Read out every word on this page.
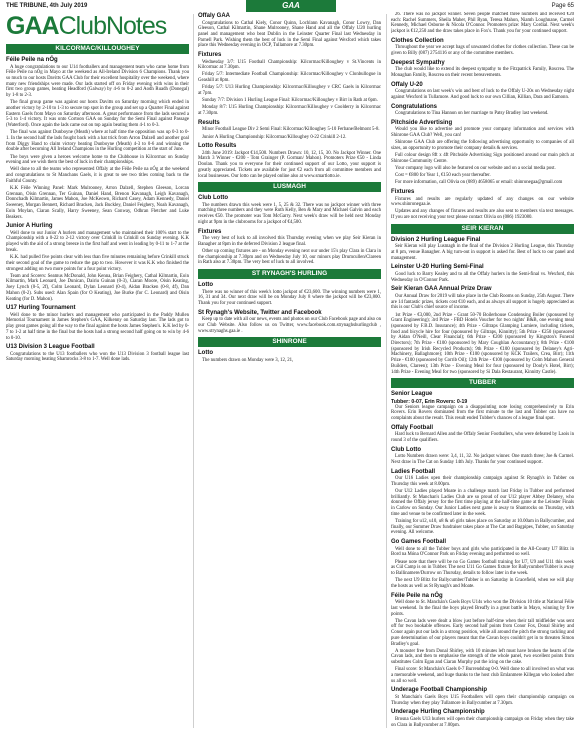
THE TRIBUNE, 4th July 2019	GAA	Page 65
GAAClubNotes
KILCORMAC/KILLOUGHEY
Féile Peile na nÓg

A huge congratulations to our U14 footballers and management team who came home from Féile Peile na nÓg in Mayo at the weekend as All-Ireland Division 6 Champions. Thank you so much to our hosts Davitts GAA Club for their excellent hospitality over the weekend, where many new friendships were made. Our lads started off on Friday evening with wins in their first two group games, beating Headford (Galway) by 4-6 to 0-2 and Aodh Ruadh (Donegal) by 1-8 to 2-3.

The final group game was against our hosts Davitts on Saturday morning which ended in another victory by 2-10 to 1-3 to secure top spot in the group and set up a Quarter Final against Eastern Gaels from Mayo on Saturday afternoon. A great performance from the lads secured a 5-3 to 1-4 victory. It was onto Cortoon GAA on Sunday for the Semi Final against Passage (Waterford). Once again the lads came out on top again beating them 4-1 to 0-3.

The final was against Dunboyne (Meath) where at half time the opposition was up 0-3 to 0-1. In the second half the lads fought back with a hat trick from Arron Dalzell and another goal from Diggy Hand to claim victory beating Dunboyne (Meath) 4-3 to 0-6 and winning the double after becoming All Ireland Champions in the Hurling competition at the start of June.

The boys were given a heroes welcome home to the Clubhouse in Kilcormac on Sunday evening and we wish them the best of luck in their championships.

Well done to all the teams who represented Offaly at the Féile Peile na nÓg at the weekend and congratulations to St Manchans Gaels, it is great to see two titles coming back to the Faithful County.

K.K Féile Winning Panel: Mark Mulrooney, Arron Dalzell, Stephen Gleeson, Lorcan Grennan, Oisin Grennan, Ter Guinan, Daniel Hand, Brenon Kavanagh, Leigh Kavanagh, Donnchadh Kilmartin, James Mahon, Joe McKeown, Richard Casey, Adam Kennedy, Daniel Sweeney, Morgan Bennett, Richard Bracken, Jack Buckley, Daniel Feighery, Noah Kavanagh, Eoin Moylan, Ciaran Scally, Harry Sweeney, Sean Conway, Odhran Fletcher and Luke Beakers.

Junior A Hurling

Well done to our Junior A hurlers and management who maintained their 100% start to the Championship with a 0-22 to 2-12 victory over Crinkill in Crinkill on Sunday evening. K.K played with the aid of a strong breeze in the first half and went in leading by 0-11 to 1-7 at the break.

K.K. had pulled five points clear with less than five minutes remaining before Crinkill struck their second goal of the game to reduce the gap to two. However it was K.K who finished the strongest adding on two more points for a four point victory.

Team and Scorers: Seamus McDonald, John Kenna, Brian Feighery, Cathal Kilmartin, Eoin Kilmartin, Mark Leonard, Joe Dunican, Dairiu Guinan (0-3), Ciaran Moore, Oisin Keating, Joey Lynch (0-5, 2f), Colm Leonard, Dylan Leonard (0-4), Aidan Bracken (0-8, 4f), Dan Mahon (0-2). Subs used: Alan Spain (for O Keating), Joe Burke (for C. Leonard) and Oisin Keating (for D. Mahon).

U17 Hurling Tournament

Well done to the minor hurlers and management who participated in the Paddy Mullen Memorial Tournament in James Stephen's GAA, Kilkenny on Saturday last. The lads got to play great games going all the way to the final against the hosts James Stephen's. K.K led by 0-7 to 1-2 at half time in the final but the hosts had a strong second half going on to win by 4-6 to 0-10.

U13 Division 3 League Football

Congratulations to the U13 footballers who won the U13 Division 3 football league last Saturday morning beating Shamrocks 3-8 to 1-7. Well done lads.

Offaly GAA

Congratulations to Cathal Kiely, Conor Quinn, Lochlann Kavanagh, Conor Lowry, Dan Gleeson, Cathal Kilmartin, Shane Mulrooney, Shane Hand and all the Offaly U20 hurling panel and management who beat Dublin in the Leinster Quarter Final last Wednesday in Parnell Park. Wishing them the best of luck in the Semi Final against Wexford which takes place this Wednesday evening in OCP, Tullamore at 7.30pm.

Fixtures

Wednesday 3/7: U15 Football Championship: Kilcormac/Killoughey v St.Vincents in Kilcormac at 7.30pm.

Friday 5/7: Intermediate Football Championship: Kilcormac/Killoughey v Clonbullogue in Geashill at 8pm.

Friday 5/7: U13 Hurling Championship: Kilcormac/Killoughey v CRC Gaels in Kilcormac at 7pm.

Sunday 7/7: Division 1 Hurling League Final: Kilcormac/Killoughey v Birr in Rath at 6pm.

Monday 8/7: U15 Hurling Championship: Kilcormac/Killoughey v Coolderry in Kilcormac at 7.30pm.

Results

Minor Football League Div 2 Semi Final: Kilcormac/Killoughey 5-10 Ferbane/Belmont 5-8.

Junior A Hurling Championship: Kilcormac/Killoughey 0-22 Crinkill 2-12.

Lotto Results

24th June 2019: Jackpot €14,500. Numbers Drawn: 10, 12, 15, 30. No Jackpot Winner. One Match 3 Winner - €200 - Tom Grainger (P. Gorman/ Mahon). Promoters Prize €50 - Linda Doolan. Thank you to everyone for their continued support of our Lotto, your support is greatly appreciated. Tickets are available for just €2 each from all committee members and local businesses. Our lotto can be played online also at www.smartlotto.ie.

LUSMAGH
Club Lotto

The numbers drawn this week were 1, 5, 25 & 32. There was no jackpot winner with three matching three numbers and they were Ruth Kelly, Ben & Mary and Michael Galvin and each receives €50. The promoter was Tom McGarry. Next week's draw will be held next Monday night at 9pm in the clubrooms for a jackpot of €4,500.

Fixtures

The very best of luck to all involved this Thursday evening when we play Seir Kieran in Banagher at 8pm in the deferred Division 2 league final.

Other up coming fixtures are - on Monday evening next our under 15's play Clara in Clara in the championship at 7.30pm and on Wednesday July 10, our minors play Drumcullen/Clareen in Rath also at 7.30pm. The very best of luck to all involved.

ST RYNAGH'S HURLING
Lotto

There was no winner of this week's lotto jackpot of €23,600. The winning numbers were 1, 16, 31 and 34. Our next draw will be on Monday July 8 where the jackpot will be €23,800. Thank you for your continued support.

St Rynagh's Website, Twitter and Facebook

Keep up to date with all our news, events and photos on our Club Facebook page and also on our Club Website. Also follow us on Twitter, www.facebook.com.strynaghshurlingclub , www.strynaghs.gaa.ie .

SHINRONE
Lotto

The numbers drawn on Monday were 3, 12, 21,

26. There was no jackpot winner. Seven people matched three numbers and received €20 each: Rachel Summers, Sheila Maher, Phil Ryan, Teresa Mahon, Niamh Loughnane, Carmel Kennedy, Michael Osborne & Nicola O'Connor. Promoters prize: Mary Cordial. Next week's jackpot is €12,250 and the draw takes place in Fox's. Thank you for your continued support.

Clothes Collection

Throughout the year we accept bags of unwanted clothes for clothes collection. These can be given to Billy (087) 2754116 or any of the committee members.

Deepest Sympathy

The club would like to extend its deepest sympathy to the Fitzpatrick Family, Roscrea. The Monaghan Family, Roscrea on their recent bereavements.

Offaly U-20

Congratulations on last week's win and best of luck to the Offaly U-20s on Wednesday night against Wexford in Tullamore. And good luck to our own Cillian, Killian, Dara and Eamonn.

Congratulations

Congratulations to Tina Hannon on her marriage to Patsy Bradley last weekend.

Pitchside Advertising

Would you like to advertise and promote your company information and services with Shinrone GAA Club? Well, you can!

Shinrone GAA Club are offering the following advertising opportunity to companies of all sizes, an opportunity to promote their company details & services.

Full colour design 8ft x 4ft Pitchside Advertising Sign positioned around our main pitch at Shinrone Community Centre.

Your company logo will also be featured on our website and on a social media post.

Cost = €800 for Year 1, €150 each year thereafter.

For more information, call Olivia on (089) 4658065 or email: shinronegaa@gmail.com

Fixtures

Fixtures and results are regularly updated of any changes on our website www.shinronegaa.ie.

Updates and any changes of fixtures and results are also sent to members via text messages. If you are not receiving your text please contact Olivia on (086) 1923080.

SEIR KIERAN
Division 2 Hurling League Final

Seir Kieran will play Lusmagh in the final of the Division 2 Hurling League, this Thursday at 8 pm, venue Banagher. A big turn-out in support is asked for. Best of luck to our panel and management.

Leinster U-20 Hurling Semi-Final

Good luck to Barry Kealey and to all the Offaly hurlers in the Semi-final vs. Wexford, this Wednesday in O'Connor Park.

Seir Kieran GAA Annual Prize Draw

Our Annual Draw for 2019 will take place in the Club Rooms on Sunday, 25th August. There are 14 fantastic prizes, tickets cost €10 each, and as always all support is hugely appreciated as this is our Club's chief source of income.

1st Prize - €3,000, 2nd Prize - Grant 50-70 Boilerhouse Condensing Boiler (sponsored by Grant Engineering); 3rd Prize - FBD Hotels Voucher for two nights' B&B, one evening meal (sponsored by F.B.D. Insurance); 4th Prize - Giltraps Glamping Lumiere, including tickets, food and bicycle hire for four (sponsored by Giltraps, Kinnitty); 5th Prize - €250 (sponsored by Aidan O'Neill, Clear Financial); 6th Prize - €200 (sponsored by Kingston's Funeral Directors); 7th Prize - €100 (sponsored by Mary Coughlan Accountancy); 8th Prize - €100 (sponsored by Irish Recycled Products); 9th Prize - €100 (sponsored by Delaney's Agri-Machinery, Ballaghmore); 10th Prize - €100 (sponsored by KCK Trailers, Crea, Birr); 11th Prize - €100 (sponsored by Corrib Oil); 12th Prize - €100 (sponsored by Colm Mahon General Builders, Clareen); 13th Prize - Evening Meal for four (sponsored by Dooly's Hotel, Birr); 14th Prize - Evening Meal for two (sponsored by Si Dala Restaurant, Kinnitty Castle).

TUBBER
Senior League
Tubber: 0-07, Erin Rovers: 0-19

Our Seniors league campaign on a disappointing note losing comprehensively to Erin Rovers. Erin Rovers dominated from the first minute to the last and Tubber can have no complaints about the result. This result ended Tubber's chances of a league final spot.

Offaly Football

Hard luck to Bernard Allen and the Offaly Senior Footballers, who were defeated by Laois in round 3 of the qualifiers.

Club Lotto

Lotto Numbers drawn were: 3,4, 11, 32. No jackpot winner. One match three; Joe & Carmel. Next draw in The Cat on Sunday 14th July. Thanks for your continued support.

Ladies Football

Our U16 Ladies open their championship campaign against St Rynagh's in Tubber on Thursday this week at 8.00pm.

Our U12 Ladies played Moate in a challenge match last Friday in Tubber and performed brilliantly. St Manchan's Ladies Club are so proud of our U12 player Abbey Delaney, who donned the Offaly jersey for the first time playing at the half-time game at the Leinster Finals in Carlow on Sunday. Our Junior Ladies next game is away to Shamrocks on Thursday, with time and venue to be confirmed later in the week.

Training for u12, u10, u8 & u6 girls takes place on Saturday at 10.00am in Ballycumber, and finally, our Summer Draw fundraiser takes place at The Cat and Bagpipes, Tubber, on Saturday evening. All welcome.

Go Games Football

Well done to all the Tubber boys and girls who participated in the All-County U7 Blitz in Bord na Móna O'Connor Park on Friday evening and performed so well.

Please note that there will be no Go Games football training for U7, U9 and U11 this week as Cúl Camp is on in Tubber. The next U11 Go Games fixture for Ballycumber/Tubber is away to Ballinamere/Durrow on Thursday, details to follow later in the week.

The next U9 Blitz for Ballycumber/Tubber is on Saturday in Gracefield, when we will play the hosts as well as St Rynagh's and Moate.

Féile Peile na nÓg

Well done to St. Manchán's Gaels Boys U14s who won the Division 10 title at National Féile last weekend. In the final the boys played Breaffy in a great battle in Mayo, winning by five points.

The Cavan lads were dealt a blow just before half-time when their tall midfielder was sent off for two bookable offences. Early second half points from Conor Fox, Donal Shirley and Conor again put our lads in a strong position, while all around the pitch the strong tackling and pure determination of our players meant that the Cavan boys couldn't get in to threaten Simon Bradley's goal.

A monster free from Donal Shirley, with 10 minutes left must have broken the hearts of the Cavan lads, and then to emphasise the strength of the whole panel, two excellent points from substitutes Colm Egan and Ciaran Murphy put the icing on the cake.

Final score: St Manchán's Gaels 0-7 Burrendsbag 0-0. Well done to all involved on what was a memorable weekend, and huge thanks to the host club Emlanmere Killegan who looked after us all so well.

Underage Football Championship

St Manchán's Gaels Boys U15 Footballers will open their championship campaign on Thursday when they play Tullamore in Ballycumber at 7.30pm.

Underage Hurling Championship

Brosna Gaels U13 hurlers will open their championship campaign on Friday when they take on Clara in Ballycumber at 7.00pm.
